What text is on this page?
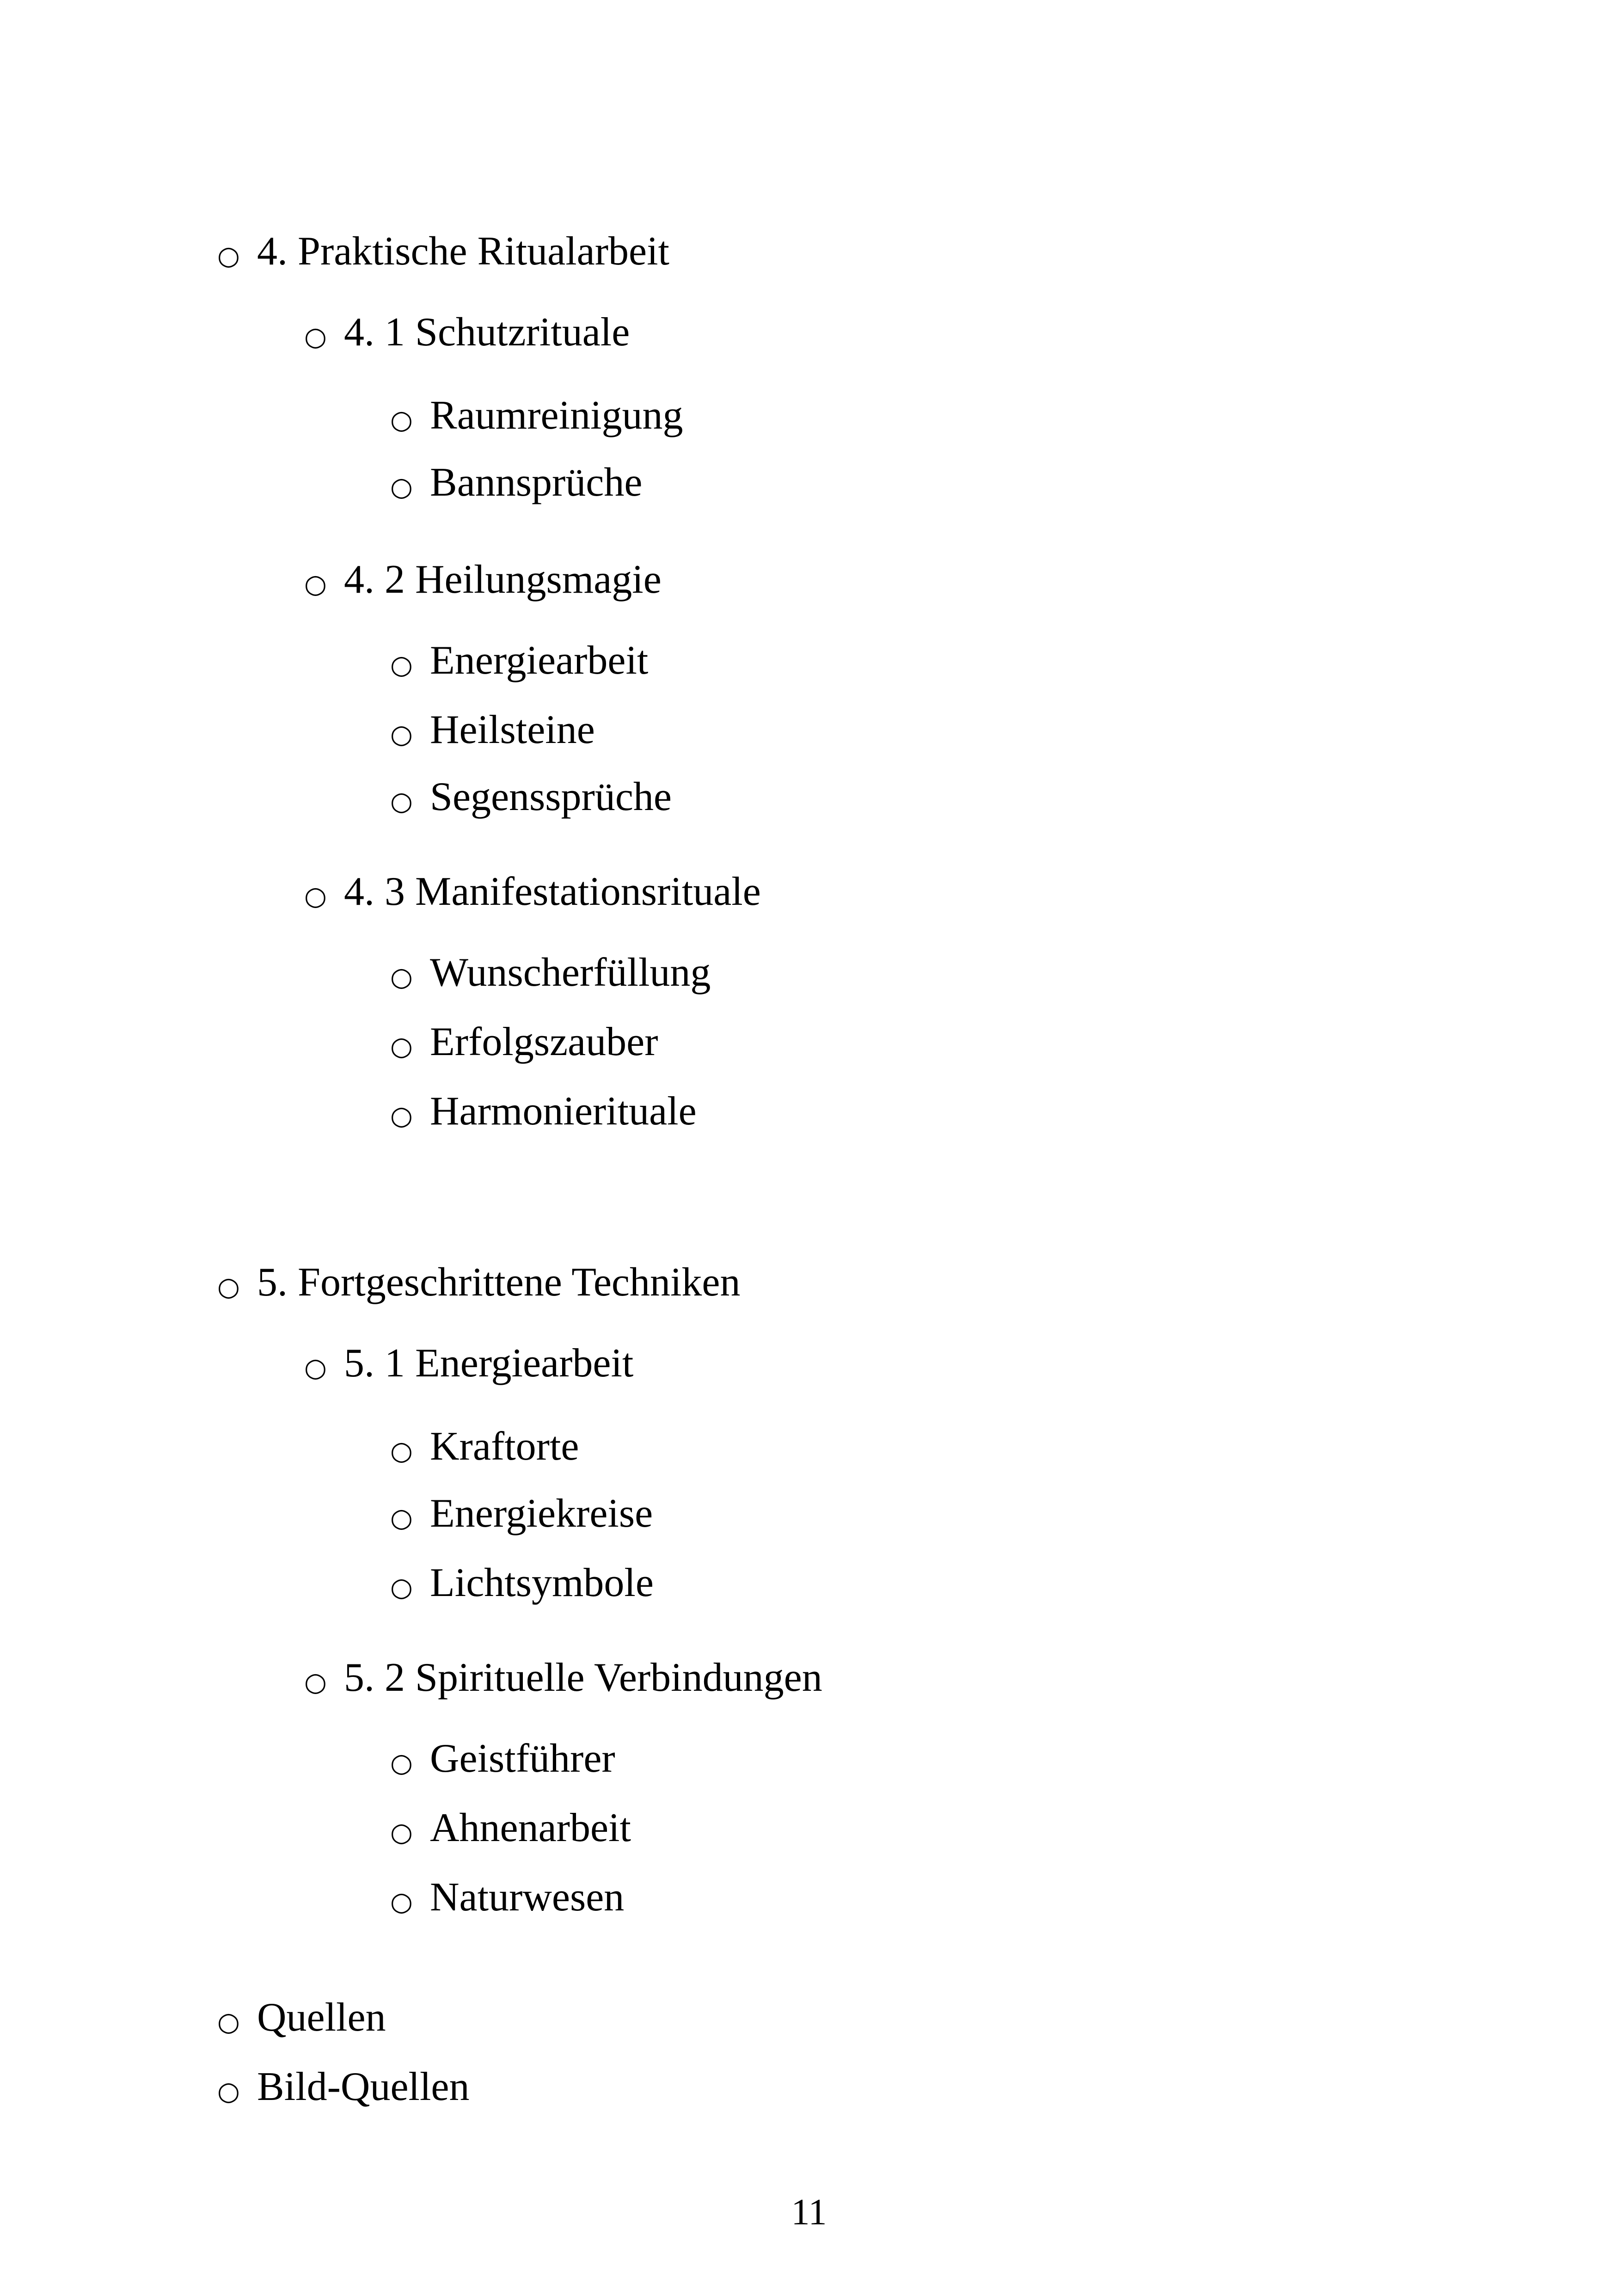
○ 4. Praktische Ritualarbeit
○ 4. 1 Schutzrituale
○ Raumreinigung
○ Bannsprüche
○ 4. 2 Heilungsmagie
○ Energiearbeit
○ Heilsteine
○ Segenssprüche
○ 4. 3 Manifestationsrituale
○ Wunscherfüllung
○ Erfolgszauber
○ Harmonierituale
○ 5. Fortgeschrittene Techniken
○ 5. 1 Energiearbeit
○ Kraftorte
○ Energiekreise
○ Lichtsymbole
○ 5. 2 Spirituelle Verbindungen
○ Geistführer
○ Ahnenarbeit
○ Naturwesen
○ Quellen
○ Bild-Quellen
11
